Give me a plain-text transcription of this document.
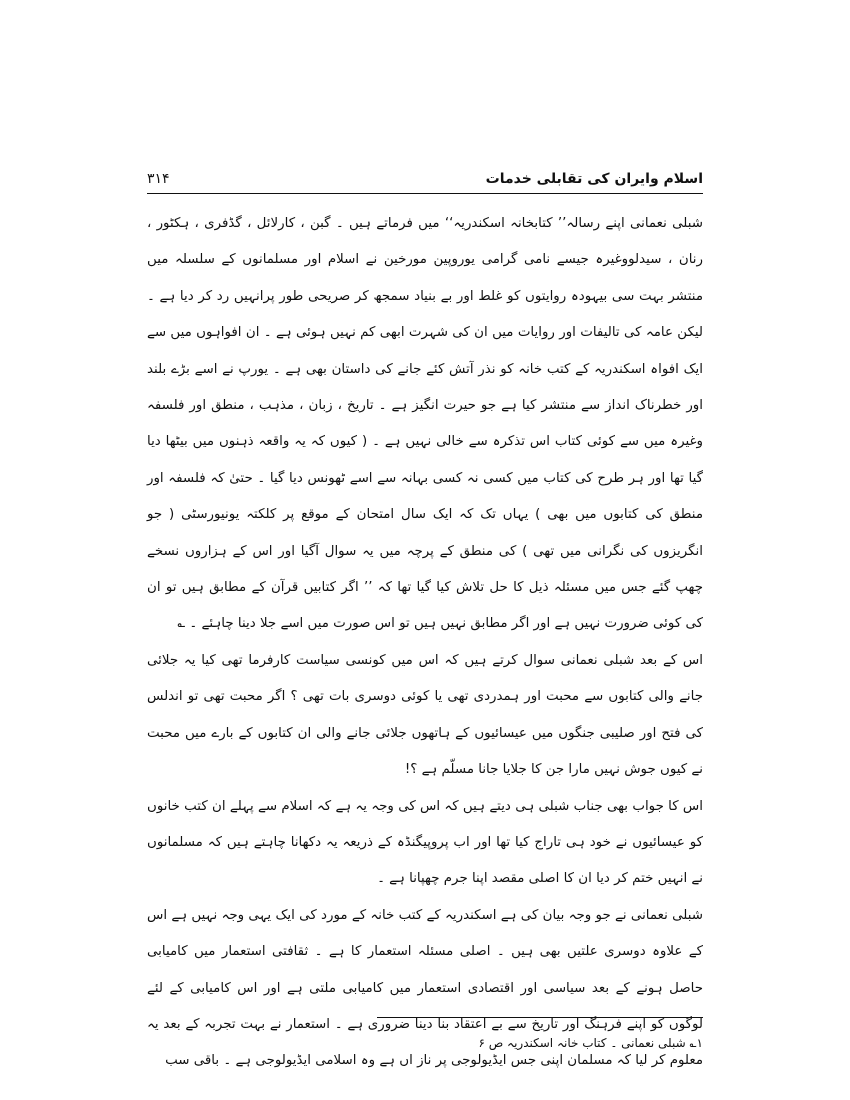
اسلام وایران کی تقابلی خدمات
۳۱۴

شبلی نعمانی اپنے رسالہ’’ کتابخانہ اسکندریہ‘‘ میں فرماتے ہیں ۔ گبن ، کارلائل ، گڈفری ، ہکٹور ، رنان ، سیدلووغیرہ جیسے نامی گرامی یوروپین مورخین نے اسلام اور مسلمانوں کے سلسلہ میں منتشر بہت سی بیہودہ روایتوں کو غلط اور بے بنیاد سمجھ کر صریحی طور پرانہیں رد کر دیا ہے ۔ لیکن عامہ کی تالیفات اور روایات میں ان کی شہرت ابھی کم نہیں ہوئی ہے ۔ ان افواہوں میں سے ایک افواہ اسکندریہ کے کتب خانہ کو نذر آتش کئے جانے کی داستان بھی ہے ۔ یورپ نے اسے بڑے بلند اور خطرناک انداز سے منتشر کیا ہے جو حیرت انگیز ہے ۔ تاریخ ، زبان ، مذہب ، منطق اور فلسفہ وغیرہ میں سے کوئی کتاب اس تذکرہ سے خالی نہیں ہے ۔ ( کیوں کہ یہ واقعہ ذہنوں میں بیٹھا دیا گیا تھا اور ہر طرح کی کتاب میں کسی نہ کسی بہانہ سے اسے ٹھونس دیا گیا ۔ حتیٰ کہ فلسفہ اور منطق کی کتابوں میں بھی ) یہاں تک کہ ایک سال امتحان کے موقع پر کلکتہ یونیورسٹی ( جو انگریزوں کی نگرانی میں تھی ) کی منطق کے پرچہ میں یہ سوال آگیا اور اس کے ہزاروں نسخے چھپ گئے جس میں مسئلہ ذیل کا حل تلاش کیا گیا تھا کہ ’’ اگر کتابیں قرآن کے مطابق ہیں تو ان کی کوئی ضرورت نہیں ہے اور اگر مطابق نہیں ہیں تو اس صورت میں اسے جلا دینا چاہئے ۔ ؎

اس کے بعد شبلی نعمانی سوال کرتے ہیں کہ اس میں کونسی سیاست کارفرما تھی کیا یہ جلائی جانے والی کتابوں سے محبت اور ہمدردی تھی یا کوئی دوسری بات تھی ؟ اگر محبت تھی تو اندلس کی فتح اور صلیبی جنگوں میں عیسائیوں کے ہاتھوں جلائی جانے والی ان کتابوں کے بارے میں محبت نے کیوں جوش نہیں مارا جن کا جلایا جانا مسلّم ہے ؟!

اس کا جواب بھی جناب شبلی ہی دیتے ہیں کہ اس کی وجہ یہ ہے کہ اسلام سے پہلے ان کتب خانوں کو عیسائیوں نے خود ہی تاراج کیا تھا اور اب پروپیگنڈہ کے ذریعہ یہ دکھانا چاہتے ہیں کہ مسلمانوں نے انہیں ختم کر دیا ان کا اصلی مقصد اپنا جرم چھپانا ہے ۔

شبلی نعمانی نے جو وجہ بیان کی ہے اسکندریہ کے کتب خانہ کے مورد کی ایک یہی وجہ نہیں ہے اس کے علاوہ دوسری علتیں بھی ہیں ۔ اصلی مسئلہ استعمار کا ہے ۔ ثقافتی استعمار میں کامیابی حاصل ہونے کے بعد سیاسی اور اقتصادی استعمار میں کامیابی ملتی ہے اور اس کامیابی کے لئے لوگوں کو اپنے فرہنگ اور تاریخ سے بے اعتقاد بنا دینا ضروری ہے ۔ استعمار نے بہت تجربہ کے بعد یہ معلوم کر لیا کہ مسلمان اپنی جس ایڈیولوجی پر ناز اں ہے وہ اسلامی ایڈیولوجی ہے ۔ باقی سب

۱؎ شبلی نعمانی ۔ کتاب خانہ اسکندریہ ص ۶
